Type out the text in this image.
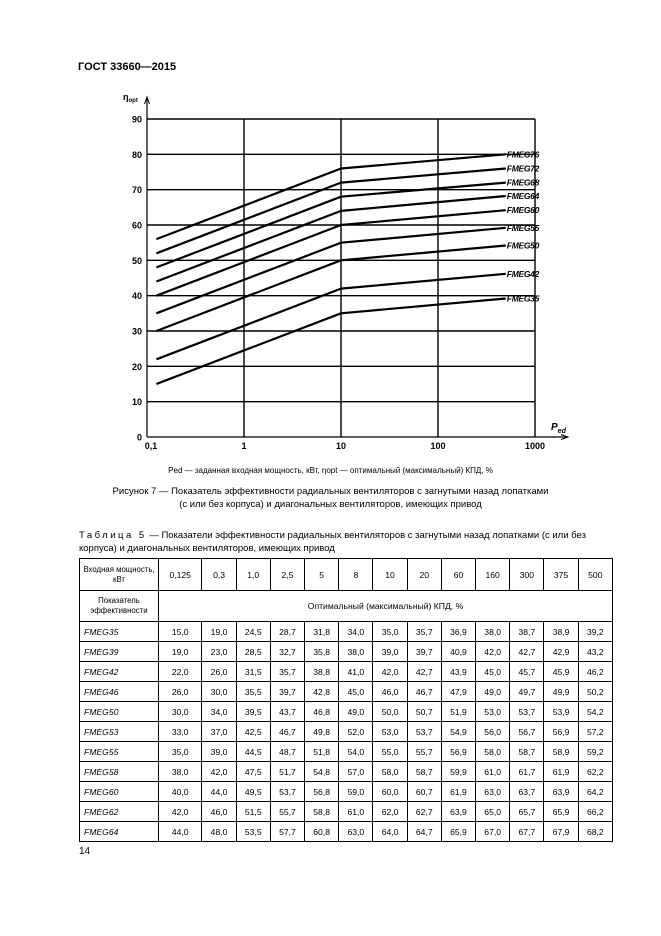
ГОСТ 33660—2015
0
10
20
30
40
50
60
70
80
90
0,1	1	10	100	1000
$\eta_{opt}$
$P_{ed}$
FMEG76
FMEG72
FMEG68
FMEG64
FMEG60
FMEG55
FMEG50
FMEG42
FMEG35
Ped — заданная входная мощность, кВт, ηopt — оптимальный (максимальный) КПД, %
Рисунок 7 — Показатель эффективности радиальных вентиляторов с загнутыми назад лопатками
(с или без корпуса) и диагональных вентиляторов, имеющих привод
Таблица 5 — Показатели эффективности радиальных вентиляторов с загнутыми назад лопатками (с или без корпуса) и диагональных вентиляторов, имеющих привод
Входная мощность, кВт	0,125	0,3	1,0	2,5	5	8	10	20	60	160	300	375	500
Показатель эффективности	Оптимальный (максимальный) КПД, %												
FMEG35	15,0	19,0	24,5	28,7	31,8	34,0	35,0	35,7	36,9	38,0	38,7	38,9	39,2
FMEG39	19,0	23,0	28,5	32,7	35,8	38,0	39,0	39,7	40,9	42,0	42,7	42,9	43,2
FMEG42	22,0	26,0	31,5	35,7	38,8	41,0	42,0	42,7	43,9	45,0	45,7	45,9	46,2
FMEG46	26,0	30,0	35,5	39,7	42,8	45,0	46,0	46,7	47,9	49,0	49,7	49,9	50,2
FMEG50	30,0	34,0	39,5	43,7	46,8	49,0	50,0	50,7	51,9	53,0	53,7	53,9	54,2
FMEG53	33,0	37,0	42,5	46,7	49,8	52,0	53,0	53,7	54,9	56,0	56,7	56,9	57,2
FMEG55	35,0	39,0	44,5	48,7	51,8	54,0	55,0	55,7	56,9	58,0	58,7	58,9	59,2
FMEG58	38,0	42,0	47,5	51,7	54,8	57,0	58,0	58,7	59,9	61,0	61,7	61,9	62,2
FMEG60	40,0	44,0	49,5	53,7	56,8	59,0	60,0	60,7	61,9	63,0	63,7	63,9	64,2
FMEG62	42,0	46,0	51,5	55,7	58,8	61,0	62,0	62,7	63,9	65,0	65,7	65,9	66,2
FMEG64	44,0	48,0	53,5	57,7	60,8	63,0	64,0	64,7	65,9	67,0	67,7	67,9	68,2
14
